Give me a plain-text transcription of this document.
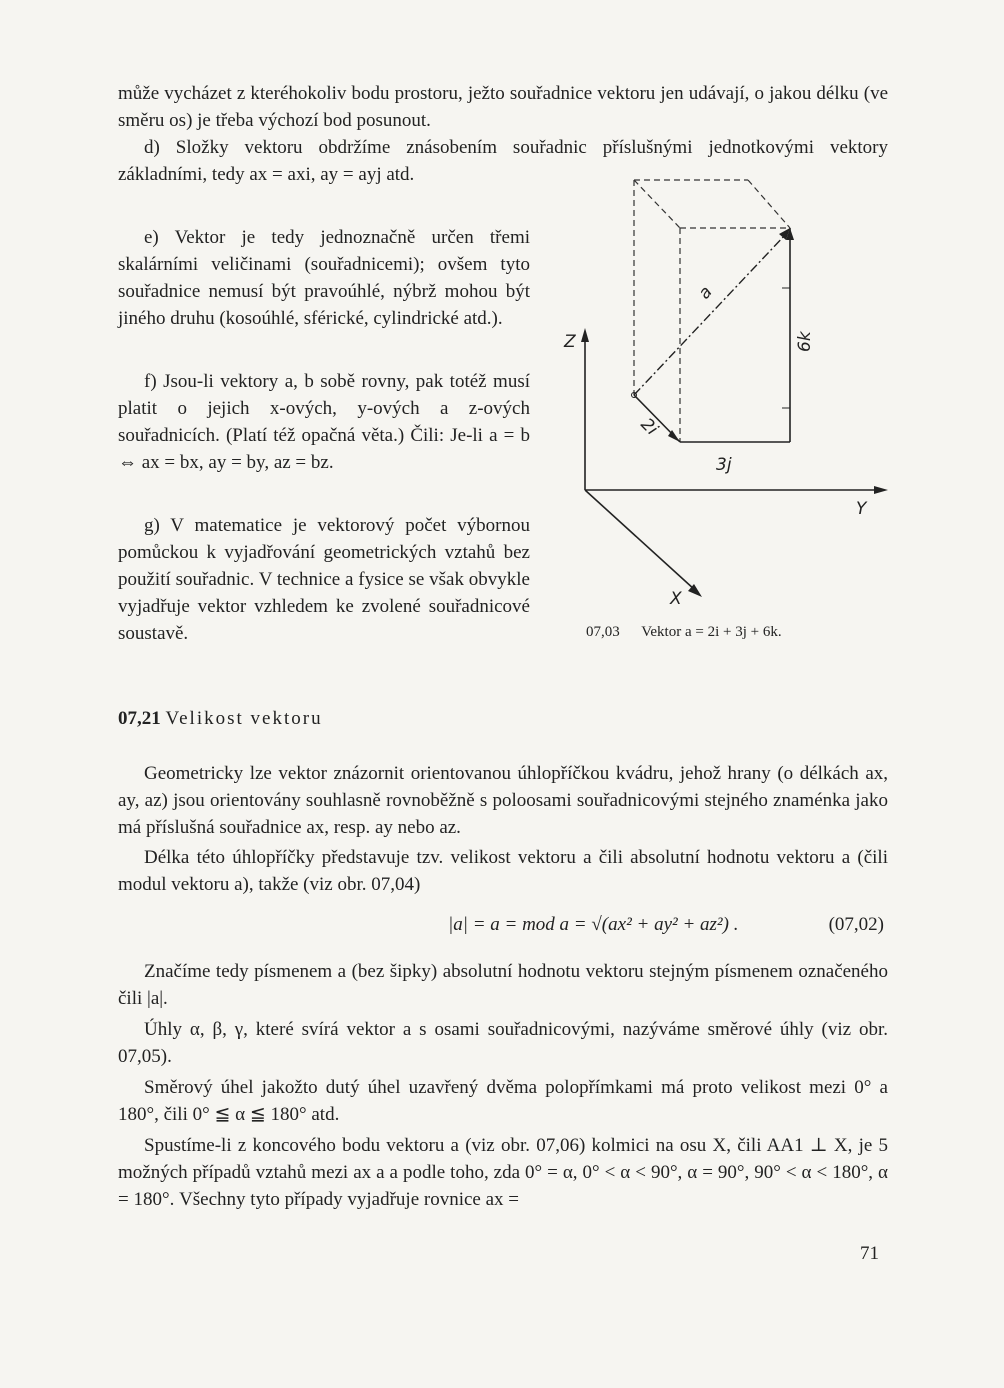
může vycházet z kteréhokoliv bodu prostoru, ježto souřadnice vektoru jen udávají, o jakou délku (ve směru os) je třeba výchozí bod posunout.

d) Složky vektoru obdržíme znásobením souřadnic příslušnými jednotkovými vektory základními, tedy ax = axi, ay = ayj atd.

e) Vektor je tedy jednoznačně určen třemi skalárními veličinami (souřadnicemi); ovšem tyto souřadnice nemusí být pravoúhlé, nýbrž mohou být jiného druhu (kosoúhlé, sférické, cylindrické atd.).

f) Jsou-li vektory a, b sobě rovny, pak totéž musí platit o jejich x-ových, y-ových a z-ových souřadnicích. (Platí též opačná věta.) Čili: Je-li a = b ⇔ ax = bx, ay = by, az = bz.

g) V matematice je vektorový počet výbornou pomůckou k vyjadřování geometrických vztahů bez použití souřadnic. V technice a fysice se však obvykle vyjadřuje vektor vzhledem ke zvolené souřadnicové soustavě.

Z
Y
X
a
2i
3j
6k
07,03 Vektor a = 2i + 3j + 6k.
07,21 Velikost vektoru

Geometricky lze vektor znázornit orientovanou úhlopříčkou kvádru, jehož hrany (o délkách ax, ay, az) jsou orientovány souhlasně rovnoběžně s poloosami souřadnicovými stejného znaménka jako má příslušná souřadnice ax, resp. ay nebo az.

Délka této úhlopříčky představuje tzv. velikost vektoru a čili absolutní hodnotu vektoru a (čili modul vektoru a), takže (viz obr. 07,04)

|a| = a = mod a = √(ax² + ay² + az²) .	(07,02)

Značíme tedy písmenem a (bez šipky) absolutní hodnotu vektoru stejným písmenem označeného čili |a|.

Úhly α, β, γ, které svírá vektor a s osami souřadnicovými, nazýváme směrové úhly (viz obr. 07,05).

Směrový úhel jakožto dutý úhel uzavřený dvěma polopřímkami má proto velikost mezi 0° a 180°, čili 0° ≦ α ≦ 180° atd.

Spustíme-li z koncového bodu vektoru a (viz obr. 07,06) kolmici na osu X, čili AA1 ⊥ X, je 5 možných případů vztahů mezi ax a a podle toho, zda 0° = α, 0° < α < 90°, α = 90°, 90° < α < 180°, α = 180°. Všechny tyto případy vyjadřuje rovnice ax =

71
